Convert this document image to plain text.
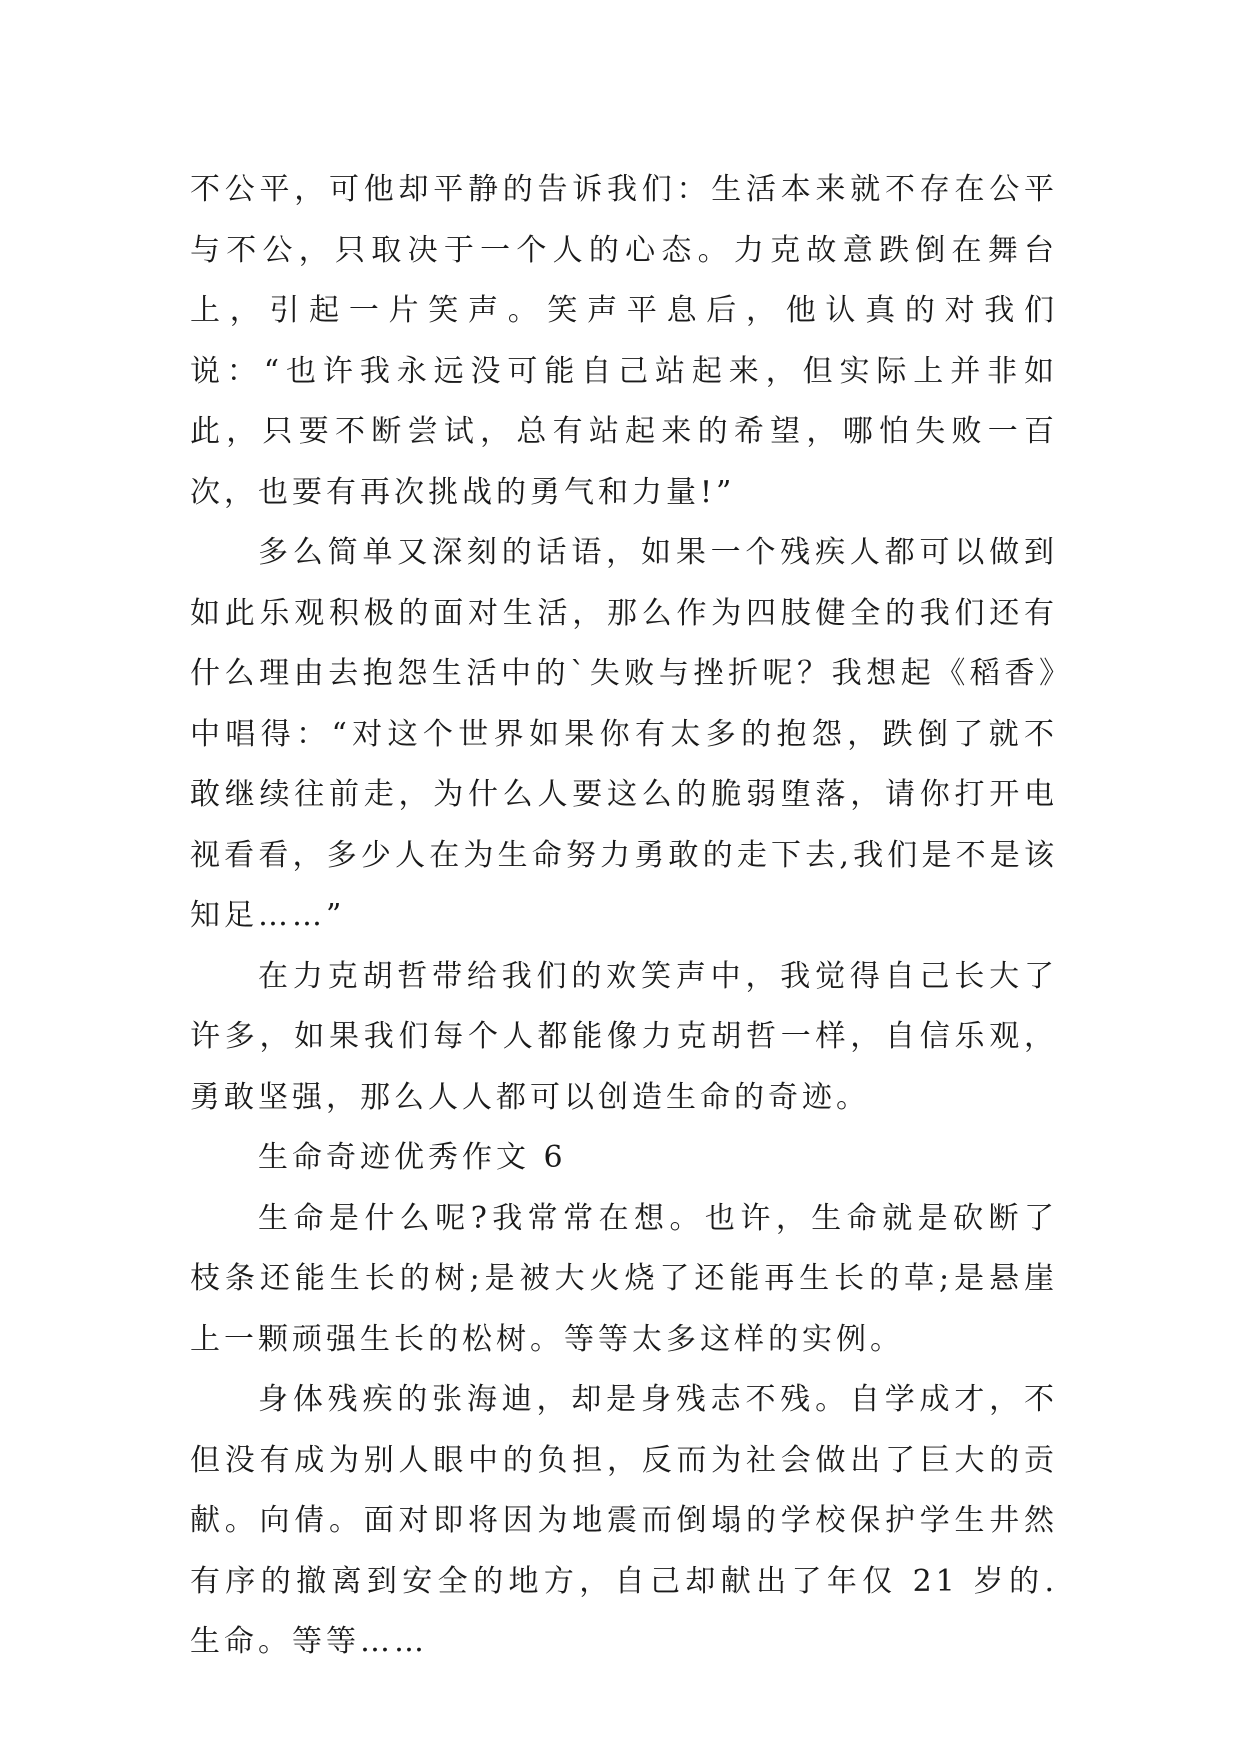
不公平，可他却平静的告诉我们：生活本来就不存在公平与不公，只取决于一个人的心态。力克故意跌倒在舞台上，引起一片笑声。笑声平息后，他认真的对我们说：“也许我永远没可能自己站起来，但实际上并非如此，只要不断尝试，总有站起来的希望，哪怕失败一百次，也要有再次挑战的勇气和力量!”

多么简单又深刻的话语，如果一个残疾人都可以做到如此乐观积极的面对生活，那么作为四肢健全的我们还有什么理由去抱怨生活中的`失败与挫折呢？我想起《稻香》中唱得：“对这个世界如果你有太多的抱怨，跌倒了就不敢继续往前走，为什么人要这么的脆弱堕落，请你打开电视看看，多少人在为生命努力勇敢的走下去,我们是不是该知足……”

在力克胡哲带给我们的欢笑声中，我觉得自己长大了许多，如果我们每个人都能像力克胡哲一样，自信乐观，勇敢坚强，那么人人都可以创造生命的奇迹。

生命奇迹优秀作文 6

生命是什么呢?我常常在想。也许，生命就是砍断了枝条还能生长的树;是被大火烧了还能再生长的草;是悬崖上一颗顽强生长的松树。等等太多这样的实例。

身体残疾的张海迪，却是身残志不残。自学成才，不但没有成为别人眼中的负担，反而为社会做出了巨大的贡献。向倩。面对即将因为地震而倒塌的学校保护学生井然有序的撤离到安全的地方，自己却献出了年仅 21 岁的.生命。等等……
